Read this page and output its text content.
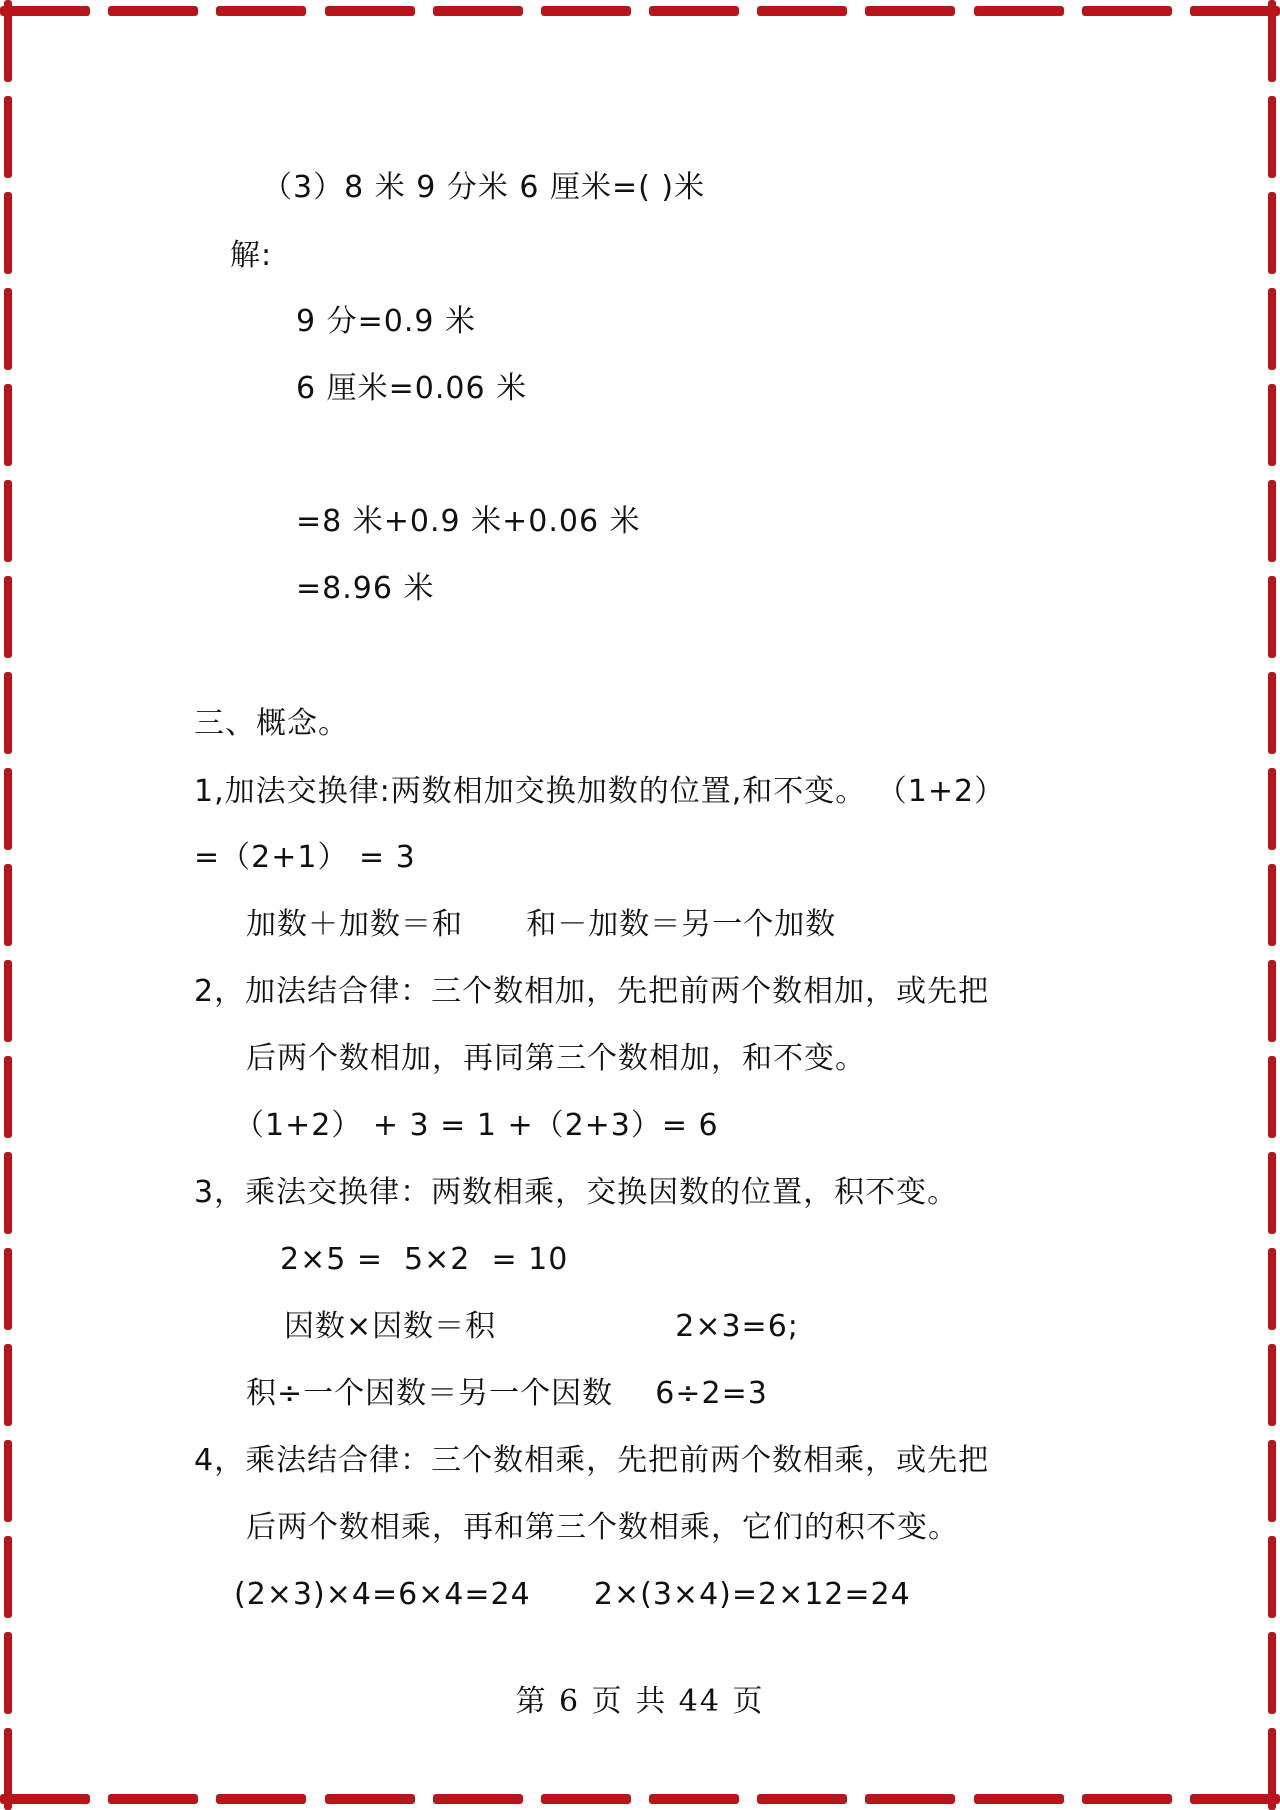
（3）8 米 9 分米 6 厘米=( )米
解:
9 分=0.9 米
6 厘米=0.06 米
=8 米+0.9 米+0.06 米
=8.96 米
三、概念。
1,加法交换律:两数相加交换加数的位置,和不变。 （1+2）
=（2+1） = 3
加数＋加数＝和      和－加数＝另一个加数
2，加法结合律：三个数相加，先把前两个数相加，或先把
后两个数相加，再同第三个数相加，和不变。
（1+2） + 3 = 1 +（2+3）= 6
3，乘法交换律：两数相乘，交换因数的位置，积不变。
2×5 =  5×2  = 10
因数×因数＝积                 2×3=6;
积÷一个因数＝另一个因数    6÷2=3
4，乘法结合律：三个数相乘，先把前两个数相乘，或先把
后两个数相乘，再和第三个数相乘，它们的积不变。
(2×3)×4=6×4=24      2×(3×4)=2×12=24
第 6 页 共 44 页
